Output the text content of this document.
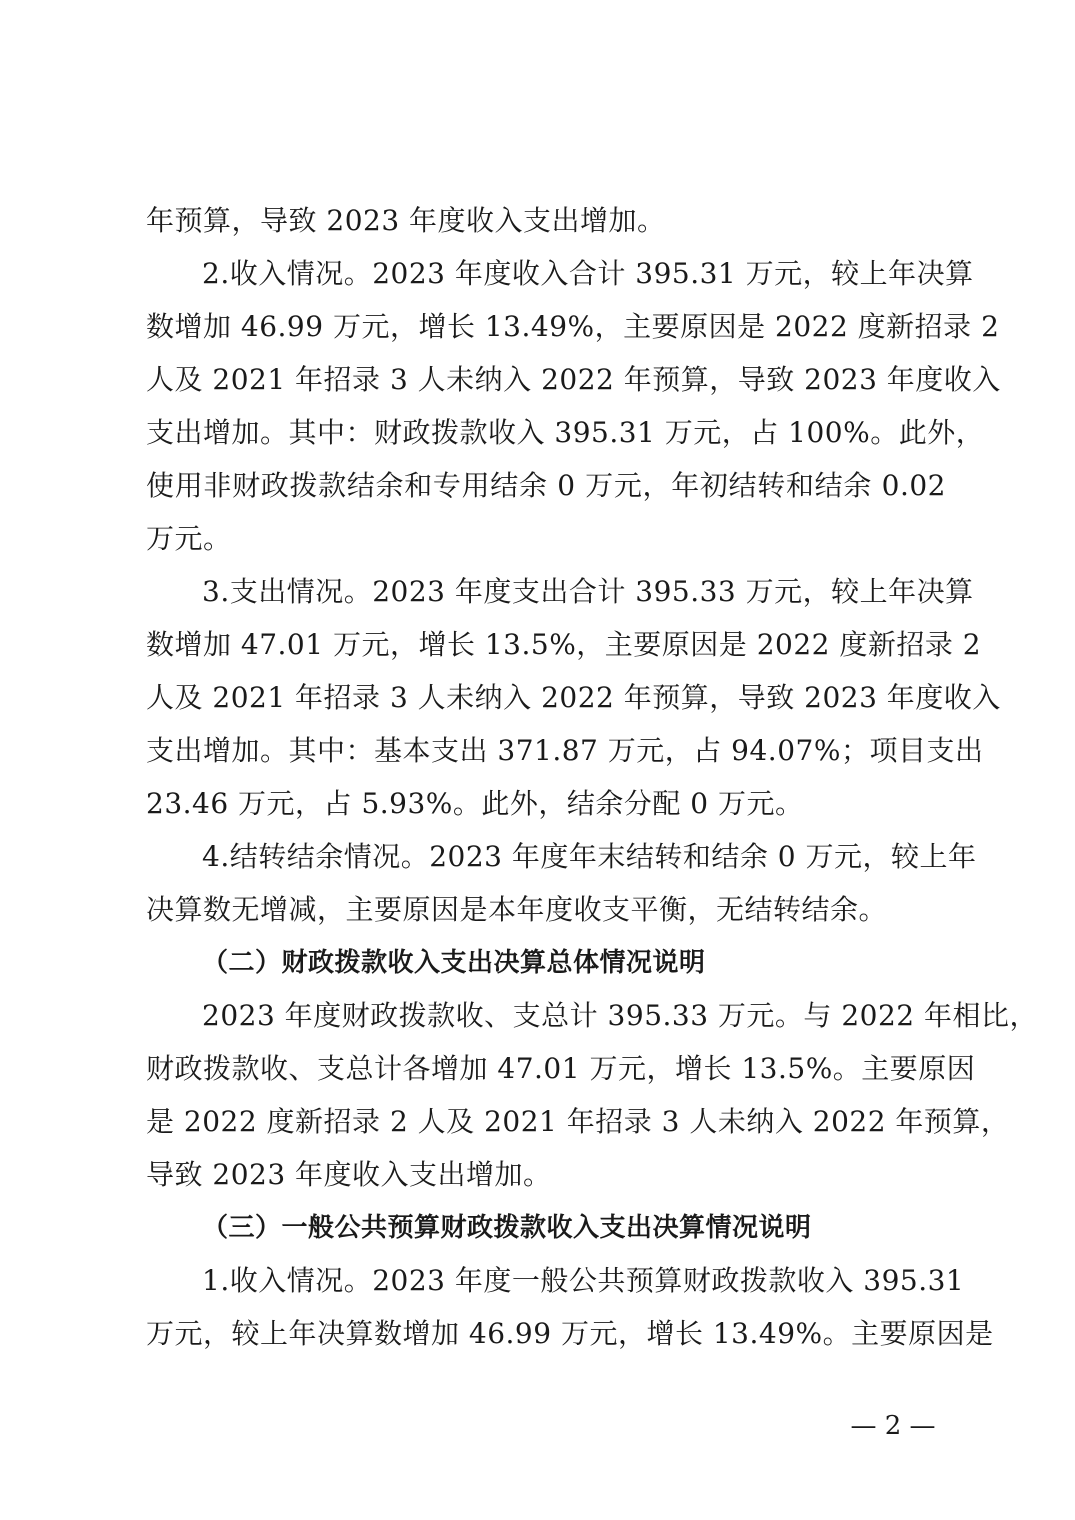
年预算，导致 2023 年度收入支出增加。
2.收入情况。2023 年度收入合计 395.31 万元，较上年决算
数增加 46.99 万元，增长 13.49%，主要原因是 2022 度新招录 2
人及 2021 年招录 3 人未纳入 2022 年预算，导致 2023 年度收入
支出增加。其中：财政拨款收入 395.31 万元，占 100%。此外，
使用非财政拨款结余和专用结余 0 万元，年初结转和结余 0.02
万元。
3.支出情况。2023 年度支出合计 395.33 万元，较上年决算
数增加 47.01 万元，增长 13.5%，主要原因是 2022 度新招录 2
人及 2021 年招录 3 人未纳入 2022 年预算，导致 2023 年度收入
支出增加。其中：基本支出 371.87 万元，占 94.07%；项目支出
23.46 万元，占 5.93%。此外，结余分配 0 万元。
4.结转结余情况。2023 年度年末结转和结余 0 万元，较上年
决算数无增减，主要原因是本年度收支平衡，无结转结余。
（二）财政拨款收入支出决算总体情况说明
2023 年度财政拨款收、支总计 395.33 万元。与 2022 年相比，
财政拨款收、支总计各增加 47.01 万元，增长 13.5%。主要原因
是 2022 度新招录 2 人及 2021 年招录 3 人未纳入 2022 年预算，
导致 2023 年度收入支出增加。
（三）一般公共预算财政拨款收入支出决算情况说明
1.收入情况。2023 年度一般公共预算财政拨款收入 395.31
万元，较上年决算数增加 46.99 万元，增长 13.49%。主要原因是
— 2 —
